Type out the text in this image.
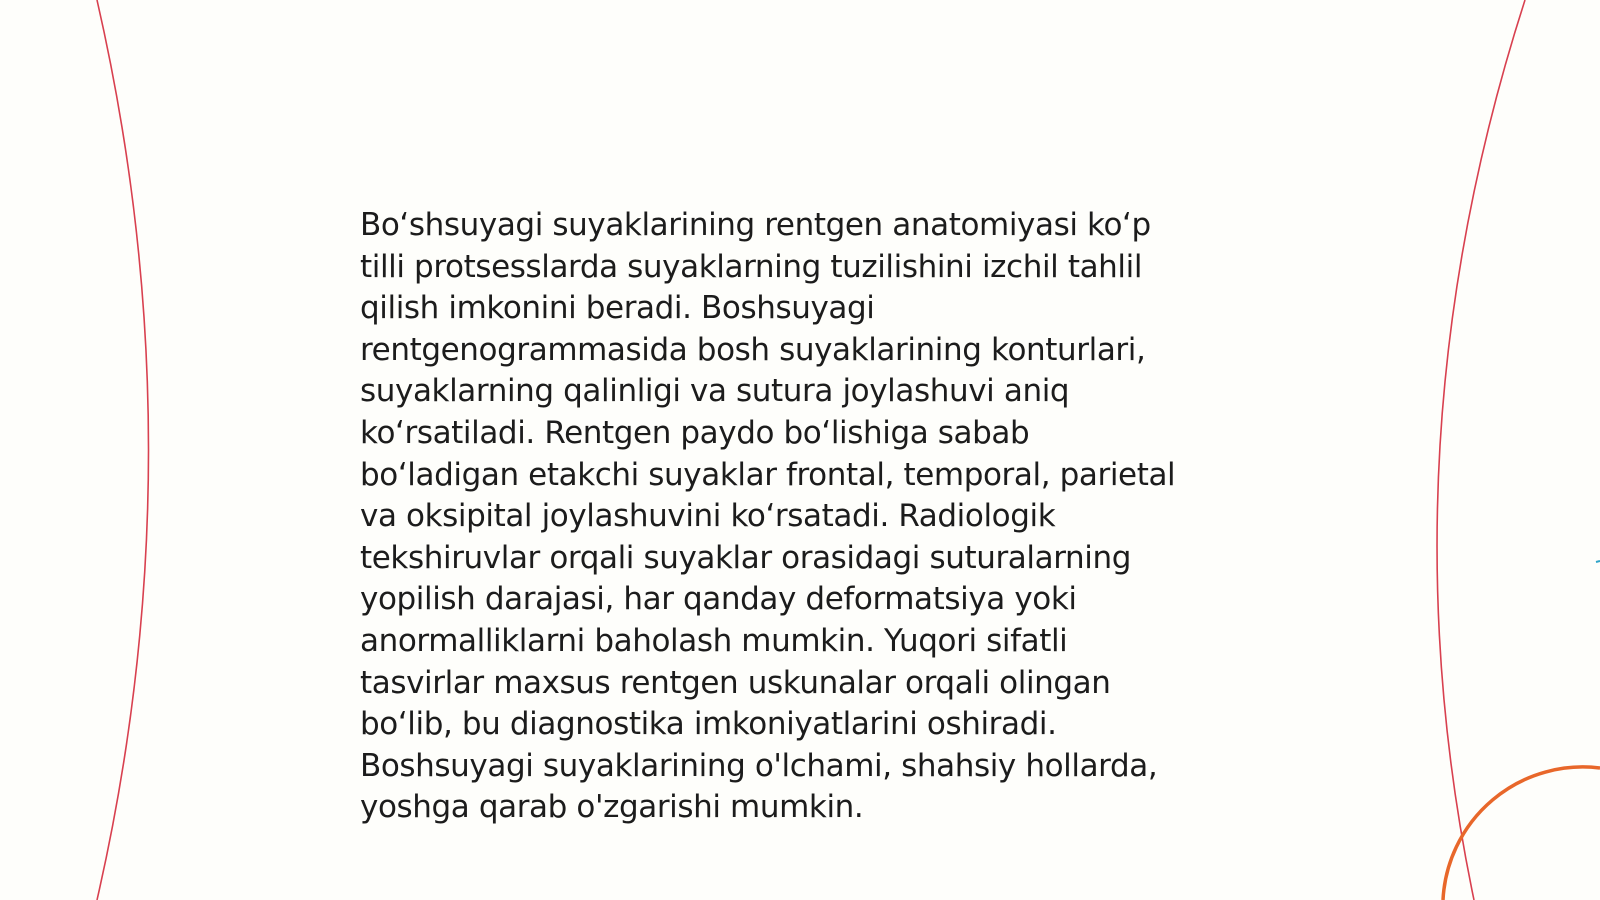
Boʻshsuyagi suyaklarining rentgen anatomiyasi koʻp
tilli protsesslarda suyaklarning tuzilishini izchil tahlil
qilish imkonini beradi. Boshsuyagi
rentgenogrammasida bosh suyaklarining konturlari,
suyaklarning qalinligi va sutura joylashuvi aniq
koʻrsatiladi. Rentgen paydo boʻlishiga sabab
boʻladigan etakchi suyaklar frontal, temporal, parietal
va oksipital joylashuvini koʻrsatadi. Radiologik
tekshiruvlar orqali suyaklar orasidagi suturalarning
yopilish darajasi, har qanday deformatsiya yoki
anormalliklarni baholash mumkin. Yuqori sifatli
tasvirlar maxsus rentgen uskunalar orqali olingan
boʻlib, bu diagnostika imkoniyatlarini oshiradi.
Boshsuyagi suyaklarining o'lchami, shahsiy hollarda,
yoshga qarab o'zgarishi mumkin.
